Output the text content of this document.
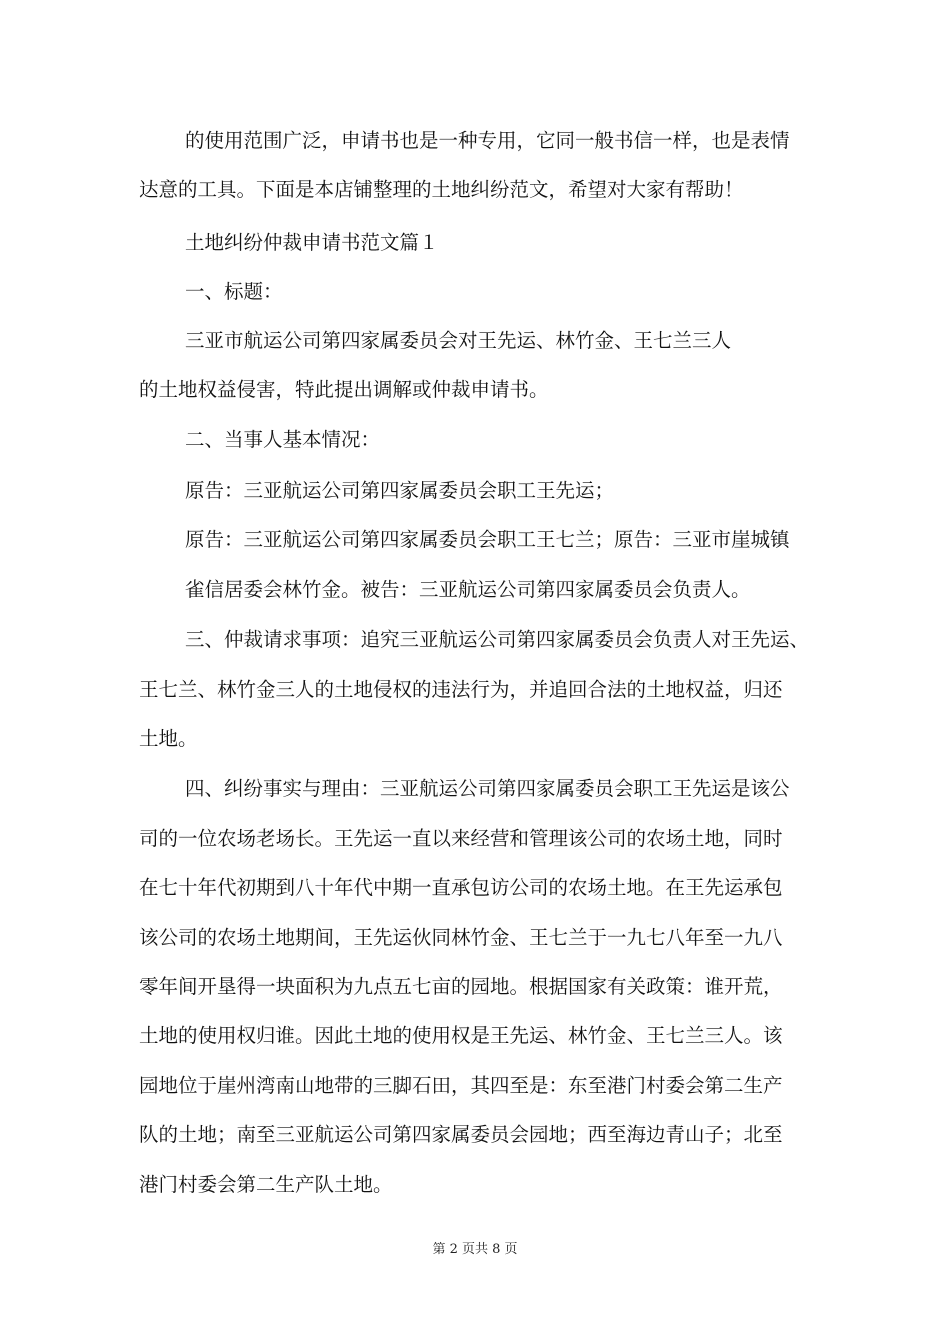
的使用范围广泛，申请书也是一种专用，它同一般书信一样，也是表情
达意的工具。下面是本店铺整理的土地纠纷范文，希望对大家有帮助！
土地纠纷仲裁申请书范文篇１
一、标题：
三亚市航运公司第四家属委员会对王先运、林竹金、王七兰三人
的土地权益侵害，特此提出调解或仲裁申请书。
二、当事人基本情况：
原告：三亚航运公司第四家属委员会职工王先运；
原告：三亚航运公司第四家属委员会职工王七兰；原告：三亚市崖城镇
雀信居委会林竹金。被告：三亚航运公司第四家属委员会负责人。
三、仲裁请求事项：追究三亚航运公司第四家属委员会负责人对王先运、
王七兰、林竹金三人的土地侵权的违法行为，并追回合法的土地权益，归还
土地。
四、纠纷事实与理由：三亚航运公司第四家属委员会职工王先运是该公
司的一位农场老场长。王先运一直以来经营和管理该公司的农场土地，同时
在七十年代初期到八十年代中期一直承包访公司的农场土地。在王先运承包
该公司的农场土地期间，王先运伙同林竹金、王七兰于一九七八年至一九八
零年间开垦得一块面积为九点五七亩的园地。根据国家有关政策：谁开荒，
土地的使用权归谁。因此土地的使用权是王先运、林竹金、王七兰三人。该
园地位于崖州湾南山地带的三脚石田，其四至是：东至港门村委会第二生产
队的土地；南至三亚航运公司第四家属委员会园地；西至海边青山子；北至
港门村委会第二生产队土地。
第 2 页共 8 页
